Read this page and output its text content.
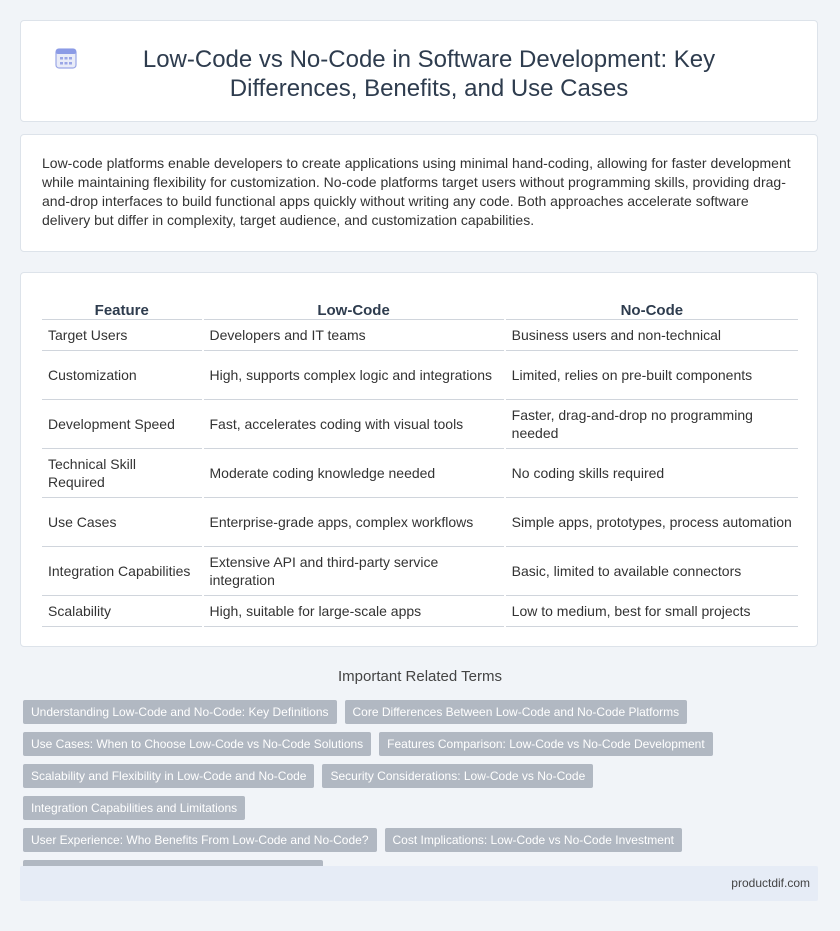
Low-Code vs No-Code in Software Development: Key Differences, Benefits, and Use Cases

Low-code platforms enable developers to create applications using minimal hand-coding, allowing for faster development while maintaining flexibility for customization. No-code platforms target users without programming skills, providing drag-and-drop interfaces to build functional apps quickly without writing any code. Both approaches accelerate software delivery but differ in complexity, target audience, and customization capabilities.

Feature	Low-Code	No-Code
Target Users	Developers and IT teams	Business users and non-technical
Customization	High, supports complex logic and integrations	Limited, relies on pre-built components
Development Speed	Fast, accelerates coding with visual tools	Faster, drag-and-drop no programming needed
Technical Skill Required	Moderate coding knowledge needed	No coding skills required
Use Cases	Enterprise-grade apps, complex workflows	Simple apps, prototypes, process automation
Integration Capabilities	Extensive API and third-party service integration	Basic, limited to available connectors
Scalability	High, suitable for large-scale apps	Low to medium, best for small projects
Important Related Terms
Understanding Low-Code and No-Code: Key Definitions	Core Differences Between Low-Code and No-Code Platforms
Use Cases: When to Choose Low-Code vs No-Code Solutions	Features Comparison: Low-Code vs No-Code Development
Scalability and Flexibility in Low-Code and No-Code	Security Considerations: Low-Code vs No-Code
Integration Capabilities and Limitations
User Experience: Who Benefits From Low-Code and No-Code?	Cost Implications: Low-Code vs No-Code Investment
productdif.com
